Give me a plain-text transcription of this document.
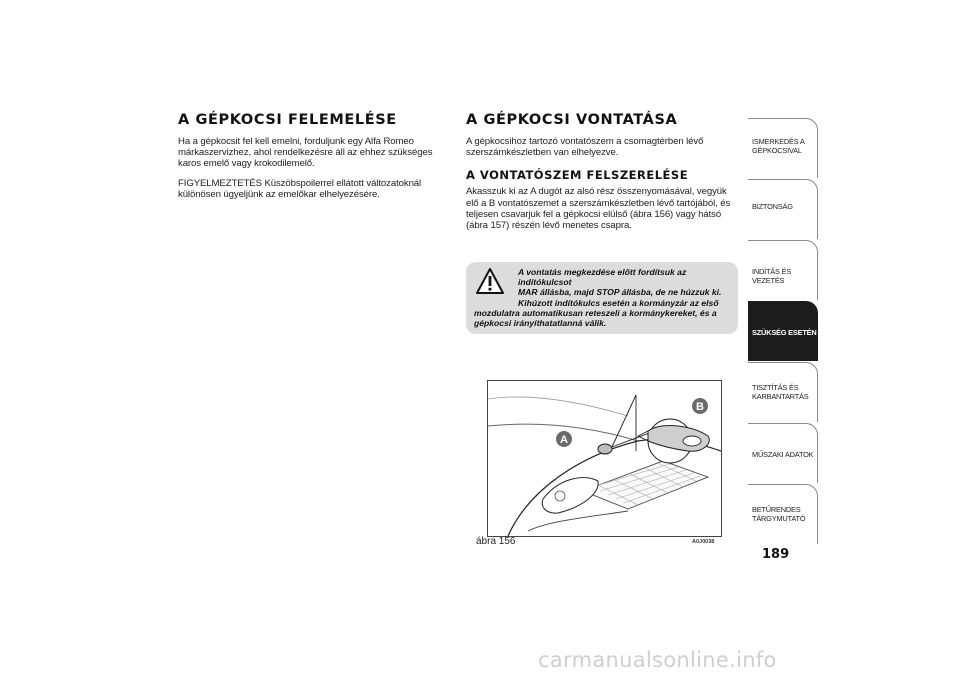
A GÉPKOCSI FELEMELÉSE

Ha a gépkocsit fel kell emelni, forduljunk egy Alfa Romeo márkaszervizhez, ahol rendelkezésre áll az ehhez szükséges karos emelő vagy krokodilemelő.

FIGYELMEZTETÉS Küszöbspoilerrel ellátott változatoknál különösen ügyeljünk az emelőkar elhelyezésére.

A GÉPKOCSI VONTATÁSA

A gépkocsihoz tartozó vontatószem a csomagtérben lévő szerszámkészletben van elhelyezve.

A VONTATÓSZEM FELSZERELÉSE

Akasszuk ki az A dugót az alsó rész összenyomásával, vegyük elő a B vontatószemet a szerszámkészletben lévő tartójából, és teljesen csavarjuk fel a gépkocsi elülső (ábra 156) vagy hátsó (ábra 157) részén lévő menetes csapra.

A vontatás megkezdése előtt fordítsuk az indítókulcsot
MAR állásba, majd STOP állásba, de ne húzzuk ki.
Kihúzott indítókulcs esetén a kormányzár az első
mozdulatra automatikusan reteszeli a kormánykereket, és a
gépkocsi irányíthatatlanná válik.
A
B
ábra 156	A0J0038
ISMERKEDÉS A
GÉPKOCSIVAL
BIZTONSÁG
INDÍTÁS ÉS VEZETÉS
SZÜKSÉG ESETÉN
TISZTÍTÁS ÉS
KARBANTARTÁS
MŰSZAKI ADATOK
BETŰRENDES
TÁRGYMUTATÓ
189
carmanualsonline.info
